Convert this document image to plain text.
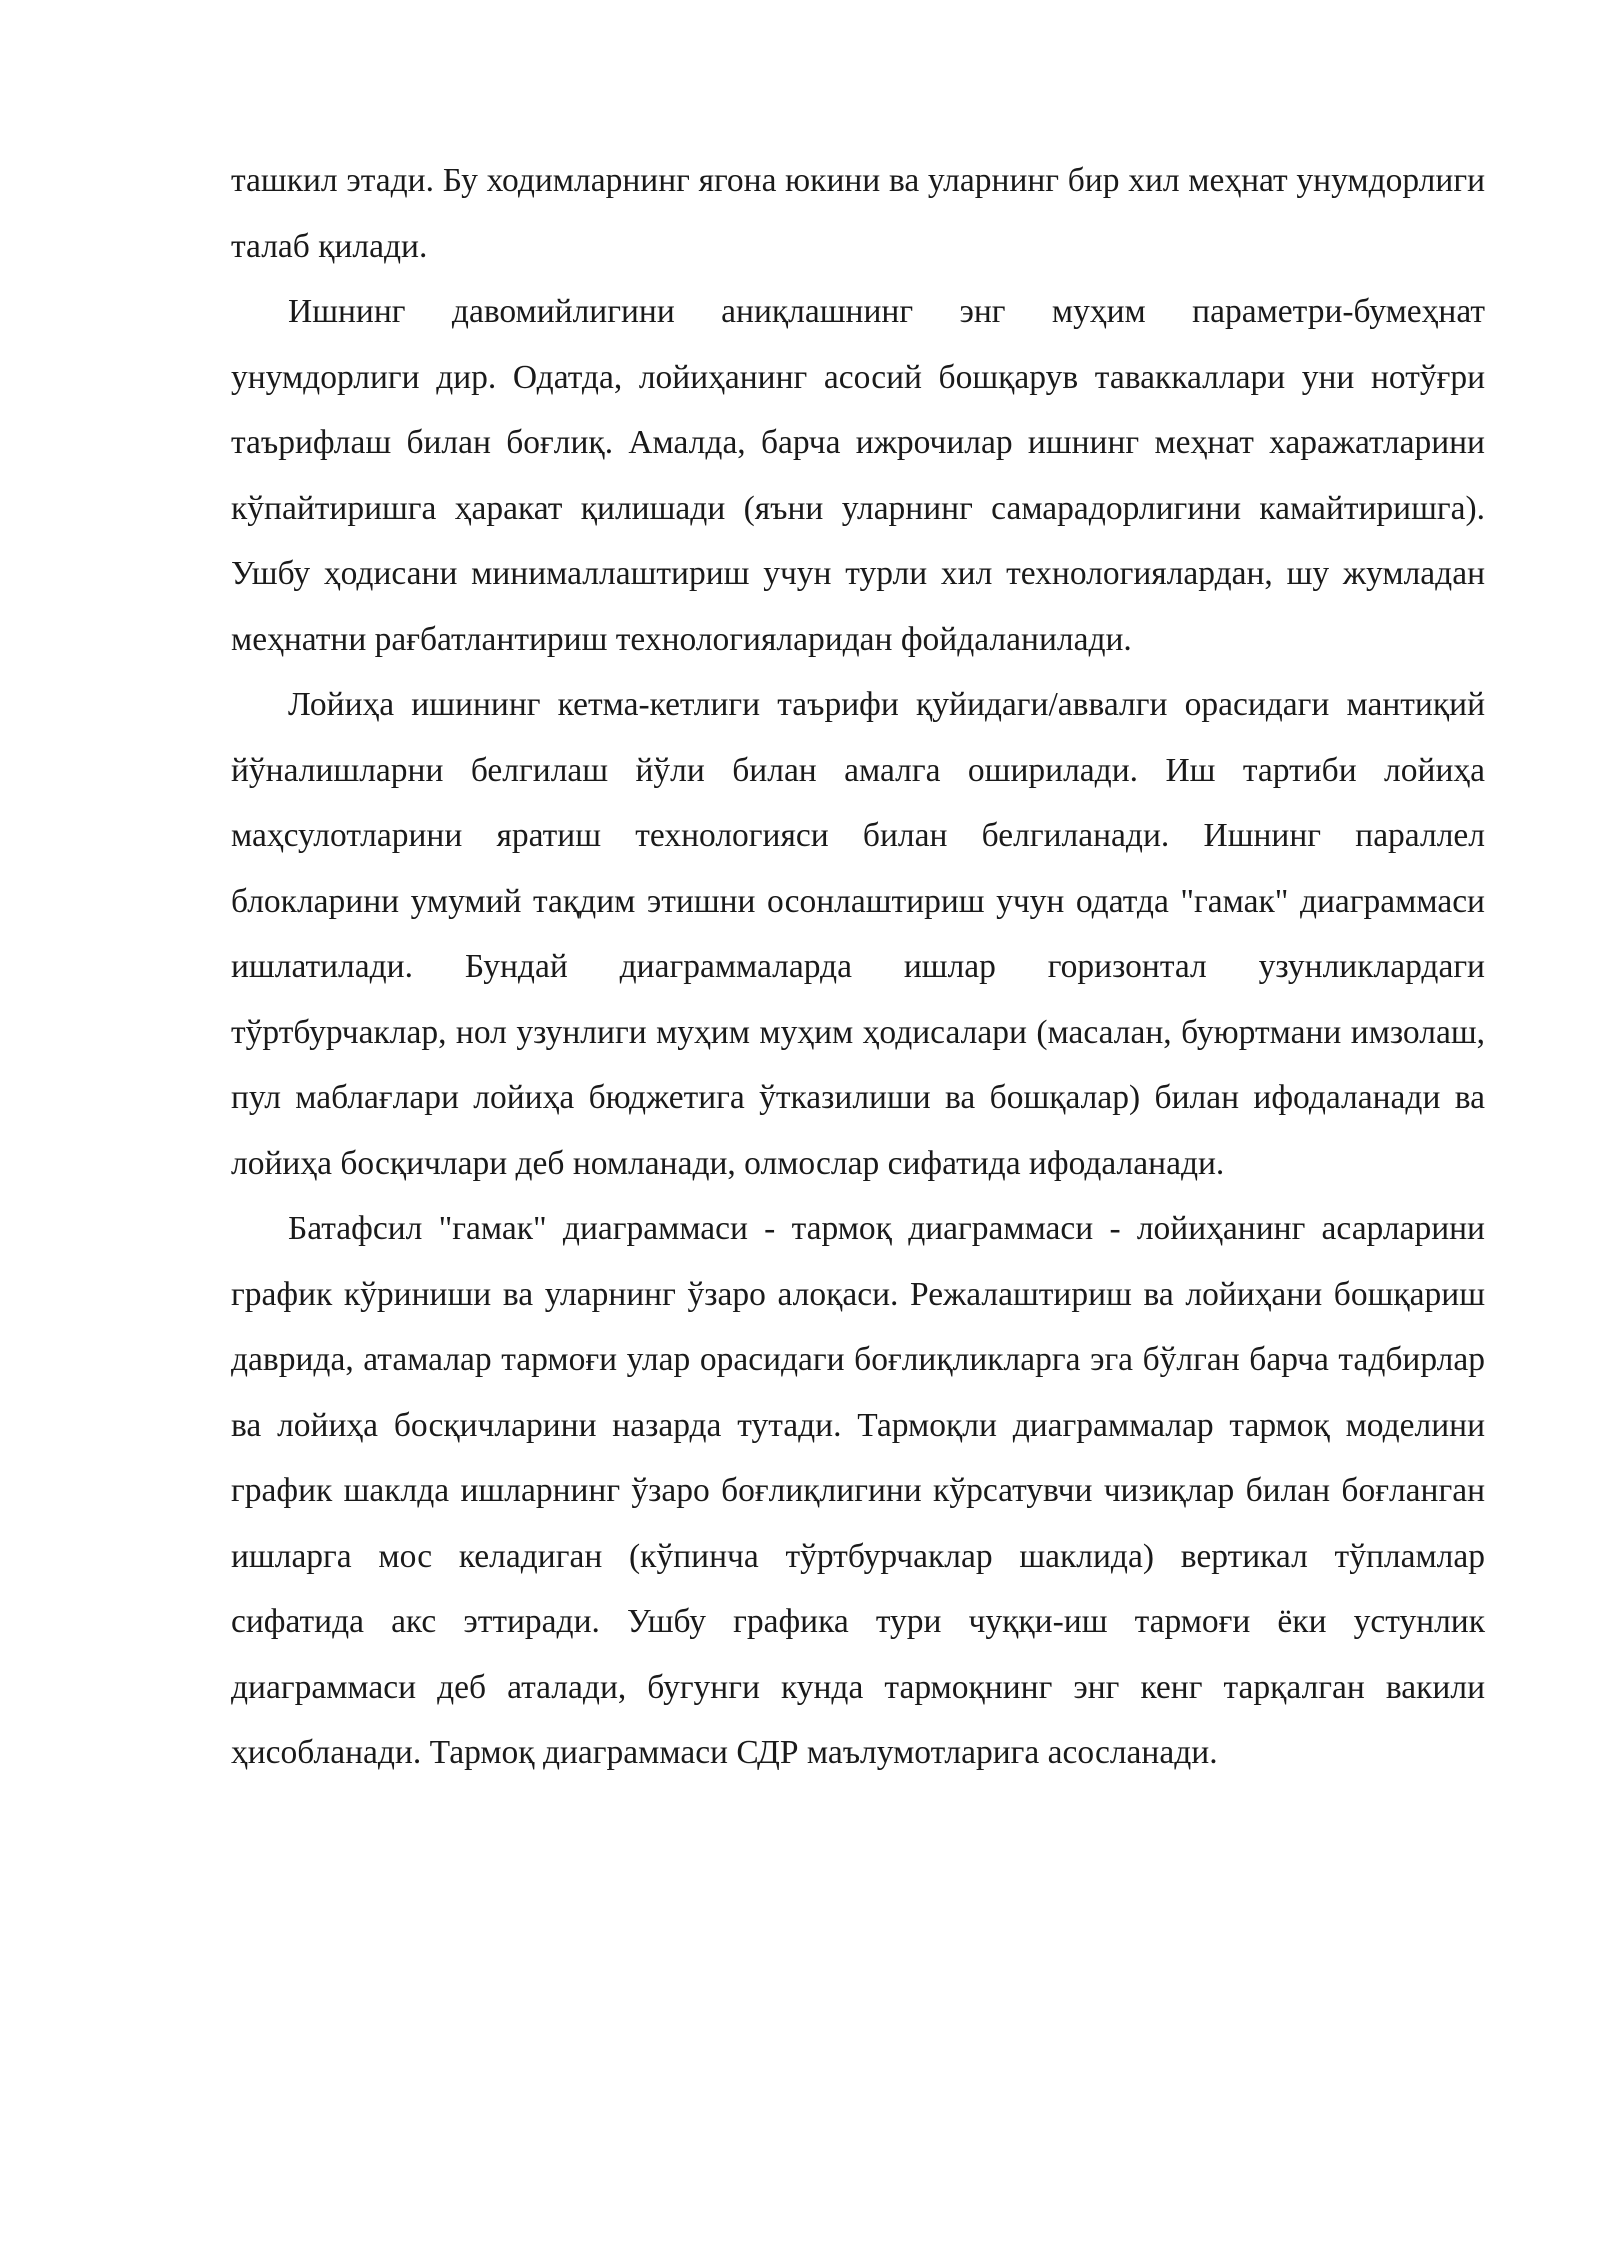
ташкил этади. Бу ходимларнинг ягона юкини ва уларнинг бир хил меҳнат унумдорлиги талаб қилади.

Ишнинг давомийлигини аниқлашнинг энг муҳим параметри-бумеҳнат унумдорлиги дир. Одатда, лойиҳанинг асосий бошқарув таваккаллари уни нотўғри таърифлаш билан боғлиқ. Амалда, барча ижрочилар ишнинг меҳнат харажатларини кўпайтиришга ҳаракат қилишади (яъни уларнинг самарадорлигини камайтиришга). Ушбу ҳодисани минималлаштириш учун турли хил технологиялардан, шу жумладан меҳнатни рағбатлантириш технологияларидан фойдаланилади.

Лойиҳа ишининг кетма-кетлиги таърифи қуйидаги/аввалги орасидаги мантиқий йўналишларни белгилаш йўли билан амалга оширилади. Иш тартиби лойиҳа маҳсулотларини яратиш технологияси билан белгиланади. Ишнинг параллел блокларини умумий тақдим этишни осонлаштириш учун одатда "гамак" диаграммаси ишлатилади. Бундай диаграммаларда ишлар горизонтал узунликлардаги тўртбурчаклар, нол узунлиги муҳим муҳим ҳодисалари (масалан, буюртмани имзолаш, пул маблағлари лойиҳа бюджетига ўтказилиши ва бошқалар) билан ифодаланади ва лойиҳа босқичлари деб номланади, олмослар сифатида ифодаланади.

Батафсил "гамак" диаграммаси - тармоқ диаграммаси - лойиҳанинг асарларини график кўриниши ва уларнинг ўзаро алоқаси. Режалаштириш ва лойиҳани бошқариш даврида, атамалар тармоғи улар орасидаги боғлиқликларга эга бўлган барча тадбирлар ва лойиҳа босқичларини назарда тутади. Тармоқли диаграммалар тармоқ моделини график шаклда ишларнинг ўзаро боғлиқлигини кўрсатувчи чизиқлар билан боғланган ишларга мос келадиган (кўпинча тўртбурчаклар шаклида) вертикал тўпламлар сифатида акс эттиради. Ушбу графика тури чуққи-иш тармоғи ёки устунлик диаграммаси деб аталади, бугунги кунда тармоқнинг энг кенг тарқалган вакили ҳисобланади. Тармоқ диаграммаси СДР маълумотларига асосланади.
